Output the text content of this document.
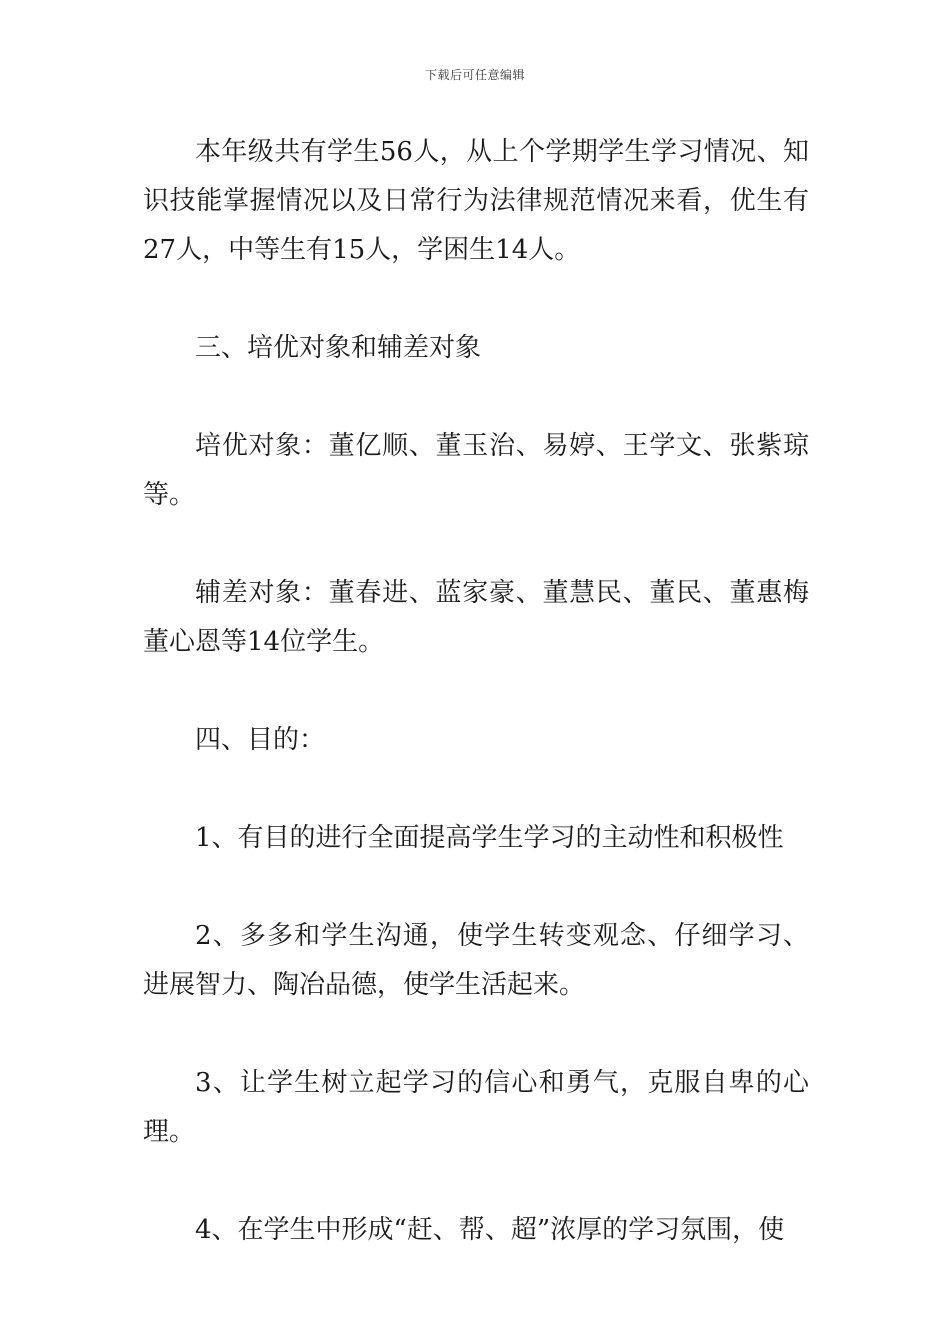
下载后可任意编辑

本年级共有学生56人，从上个学期学生学习情况、知识技能掌握情况以及日常行为法律规范情况来看，优生有27人，中等生有15人，学困生14人。

三、培优对象和辅差对象

培优对象：董亿顺、董玉治、易婷、王学文、张紫琼等。

辅差对象：董春进、蓝家豪、董慧民、董民、董惠梅董心恩等14位学生。

四、目的：

1、有目的进行全面提高学生学习的主动性和积极性

2、多多和学生沟通，使学生转变观念、仔细学习、进展智力、陶冶品德，使学生活起来。

3、让学生树立起学习的信心和勇气，克服自卑的心理。

4、在学生中形成“赶、帮、超”浓厚的学习氛围，使
